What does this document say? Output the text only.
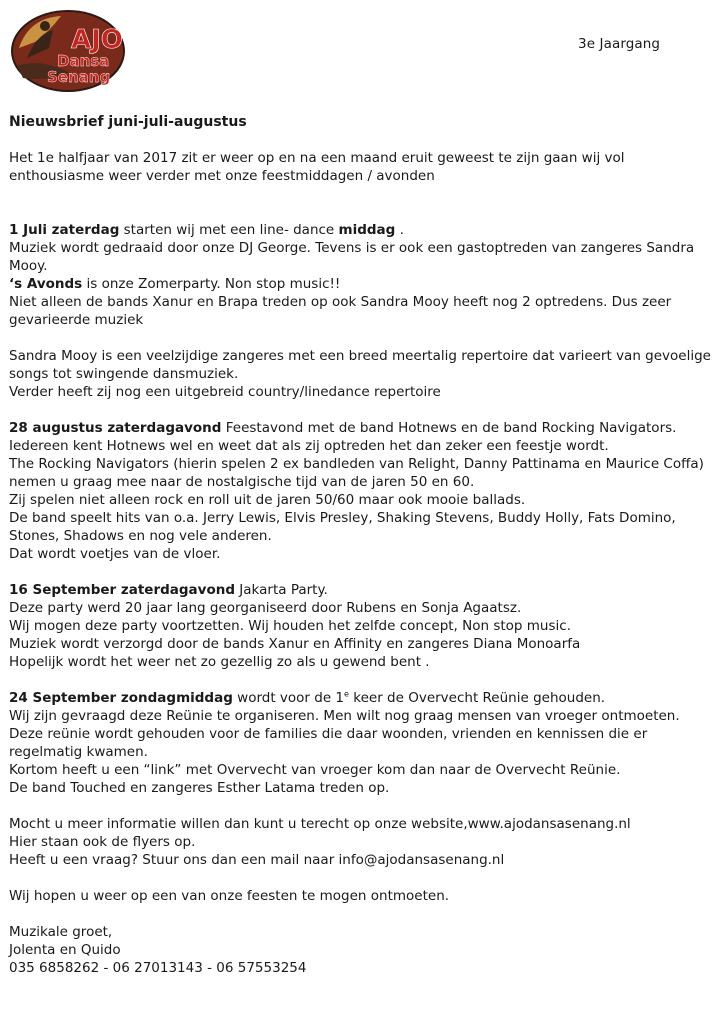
AJO
Dansa
Senang
3e Jaargang

Nieuwsbrief juni-juli-augustus

Het 1e halfjaar van 2017 zit er weer op en na een maand eruit geweest te zijn gaan wij vol enthousiasme weer verder met onze feestmiddagen / avonden

1 Juli zaterdag starten wij met een line- dance middag .

Muziek wordt gedraaid door onze DJ George. Tevens is er ook een gastoptreden van zangeres Sandra Mooy.

‘s Avonds is onze Zomerparty. Non stop music!!

Niet alleen de bands Xanur en Brapa treden op ook Sandra Mooy heeft nog 2 optredens. Dus zeer gevarieerde muziek

Sandra Mooy is een veelzijdige zangeres met een breed meertalig repertoire dat varieert van gevoelige songs tot swingende dansmuziek.

Verder heeft zij nog een uitgebreid country/linedance repertoire

28 augustus zaterdagavond Feestavond met de band Hotnews en de band Rocking Navigators.

Iedereen kent Hotnews wel en weet dat als zij optreden het dan zeker een feestje wordt.

The Rocking Navigators (hierin spelen 2 ex bandleden van Relight, Danny Pattinama en Maurice Coffa) nemen u graag mee naar de nostalgische tijd van de jaren 50 en 60.

Zij spelen niet alleen rock en roll uit de jaren 50/60 maar ook mooie ballads.

De band speelt hits van o.a. Jerry Lewis, Elvis Presley, Shaking Stevens, Buddy Holly, Fats Domino, Stones, Shadows en nog vele anderen.

Dat wordt voetjes van de vloer.

16 September zaterdagavond Jakarta Party.

Deze party werd 20 jaar lang georganiseerd door Rubens en Sonja Agaatsz.

Wij mogen deze party voortzetten. Wij houden het zelfde concept, Non stop music.

Muziek wordt verzorgd door de bands Xanur en Affinity en zangeres Diana Monoarfa

Hopelijk wordt het weer net zo gezellig zo als u gewend bent .

24 September zondagmiddag wordt voor de 1e keer de Overvecht Reünie gehouden.

Wij zijn gevraagd deze Reünie te organiseren. Men wilt nog graag mensen van vroeger ontmoeten.

Deze reünie wordt gehouden voor de families die daar woonden, vrienden en kennissen die er regelmatig kwamen.

Kortom heeft u een “link” met Overvecht van vroeger kom dan naar de Overvecht Reünie.

De band Touched en zangeres Esther Latama treden op.

Mocht u meer informatie willen dan kunt u terecht op onze website,www.ajodansasenang.nl

Hier staan ook de flyers op.

Heeft u een vraag? Stuur ons dan een mail naar info@ajodansasenang.nl

Wij hopen u weer op een van onze feesten te mogen ontmoeten.

Muzikale groet,

Jolenta en Quido

035 6858262 - 06 27013143 - 06 57553254
